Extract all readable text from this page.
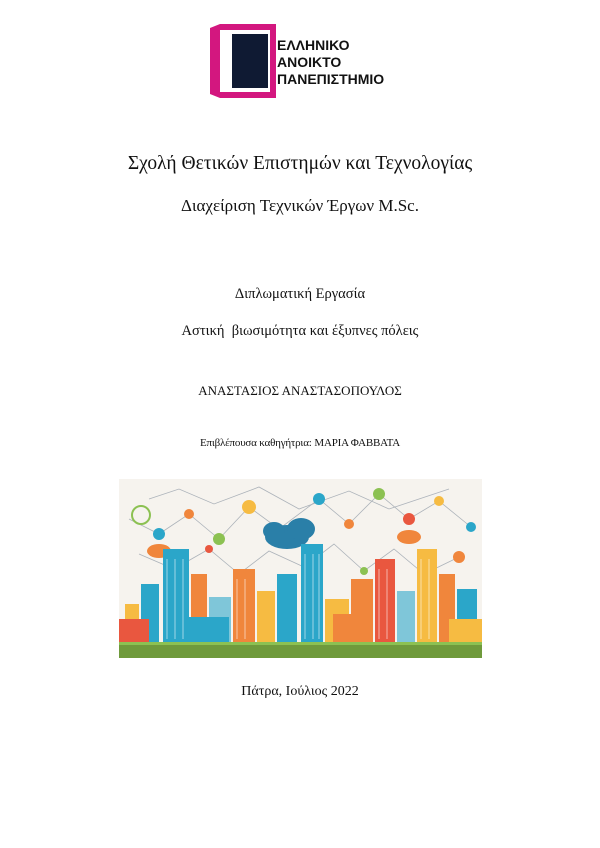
ΕΛΛΗΝΙΚΟ
ΑΝΟΙΚΤΟ
ΠΑΝΕΠΙΣΤΗΜΙΟ
Σχολή Θετικών Επιστημών και Τεχνολογίας
Διαχείριση Τεχνικών Έργων M.Sc.
Διπλωματική Εργασία
Αστική  βιωσιμότητα και έξυπνες πόλεις
ΑΝΑΣΤΑΣΙΟΣ ΑΝΑΣΤΑΣΟΠΟΥΛΟΣ
Επιβλέπουσα καθηγήτρια: ΜΑΡΙΑ ΦΑΒΒΑΤΑ
Πάτρα, Ιούλιος 2022
